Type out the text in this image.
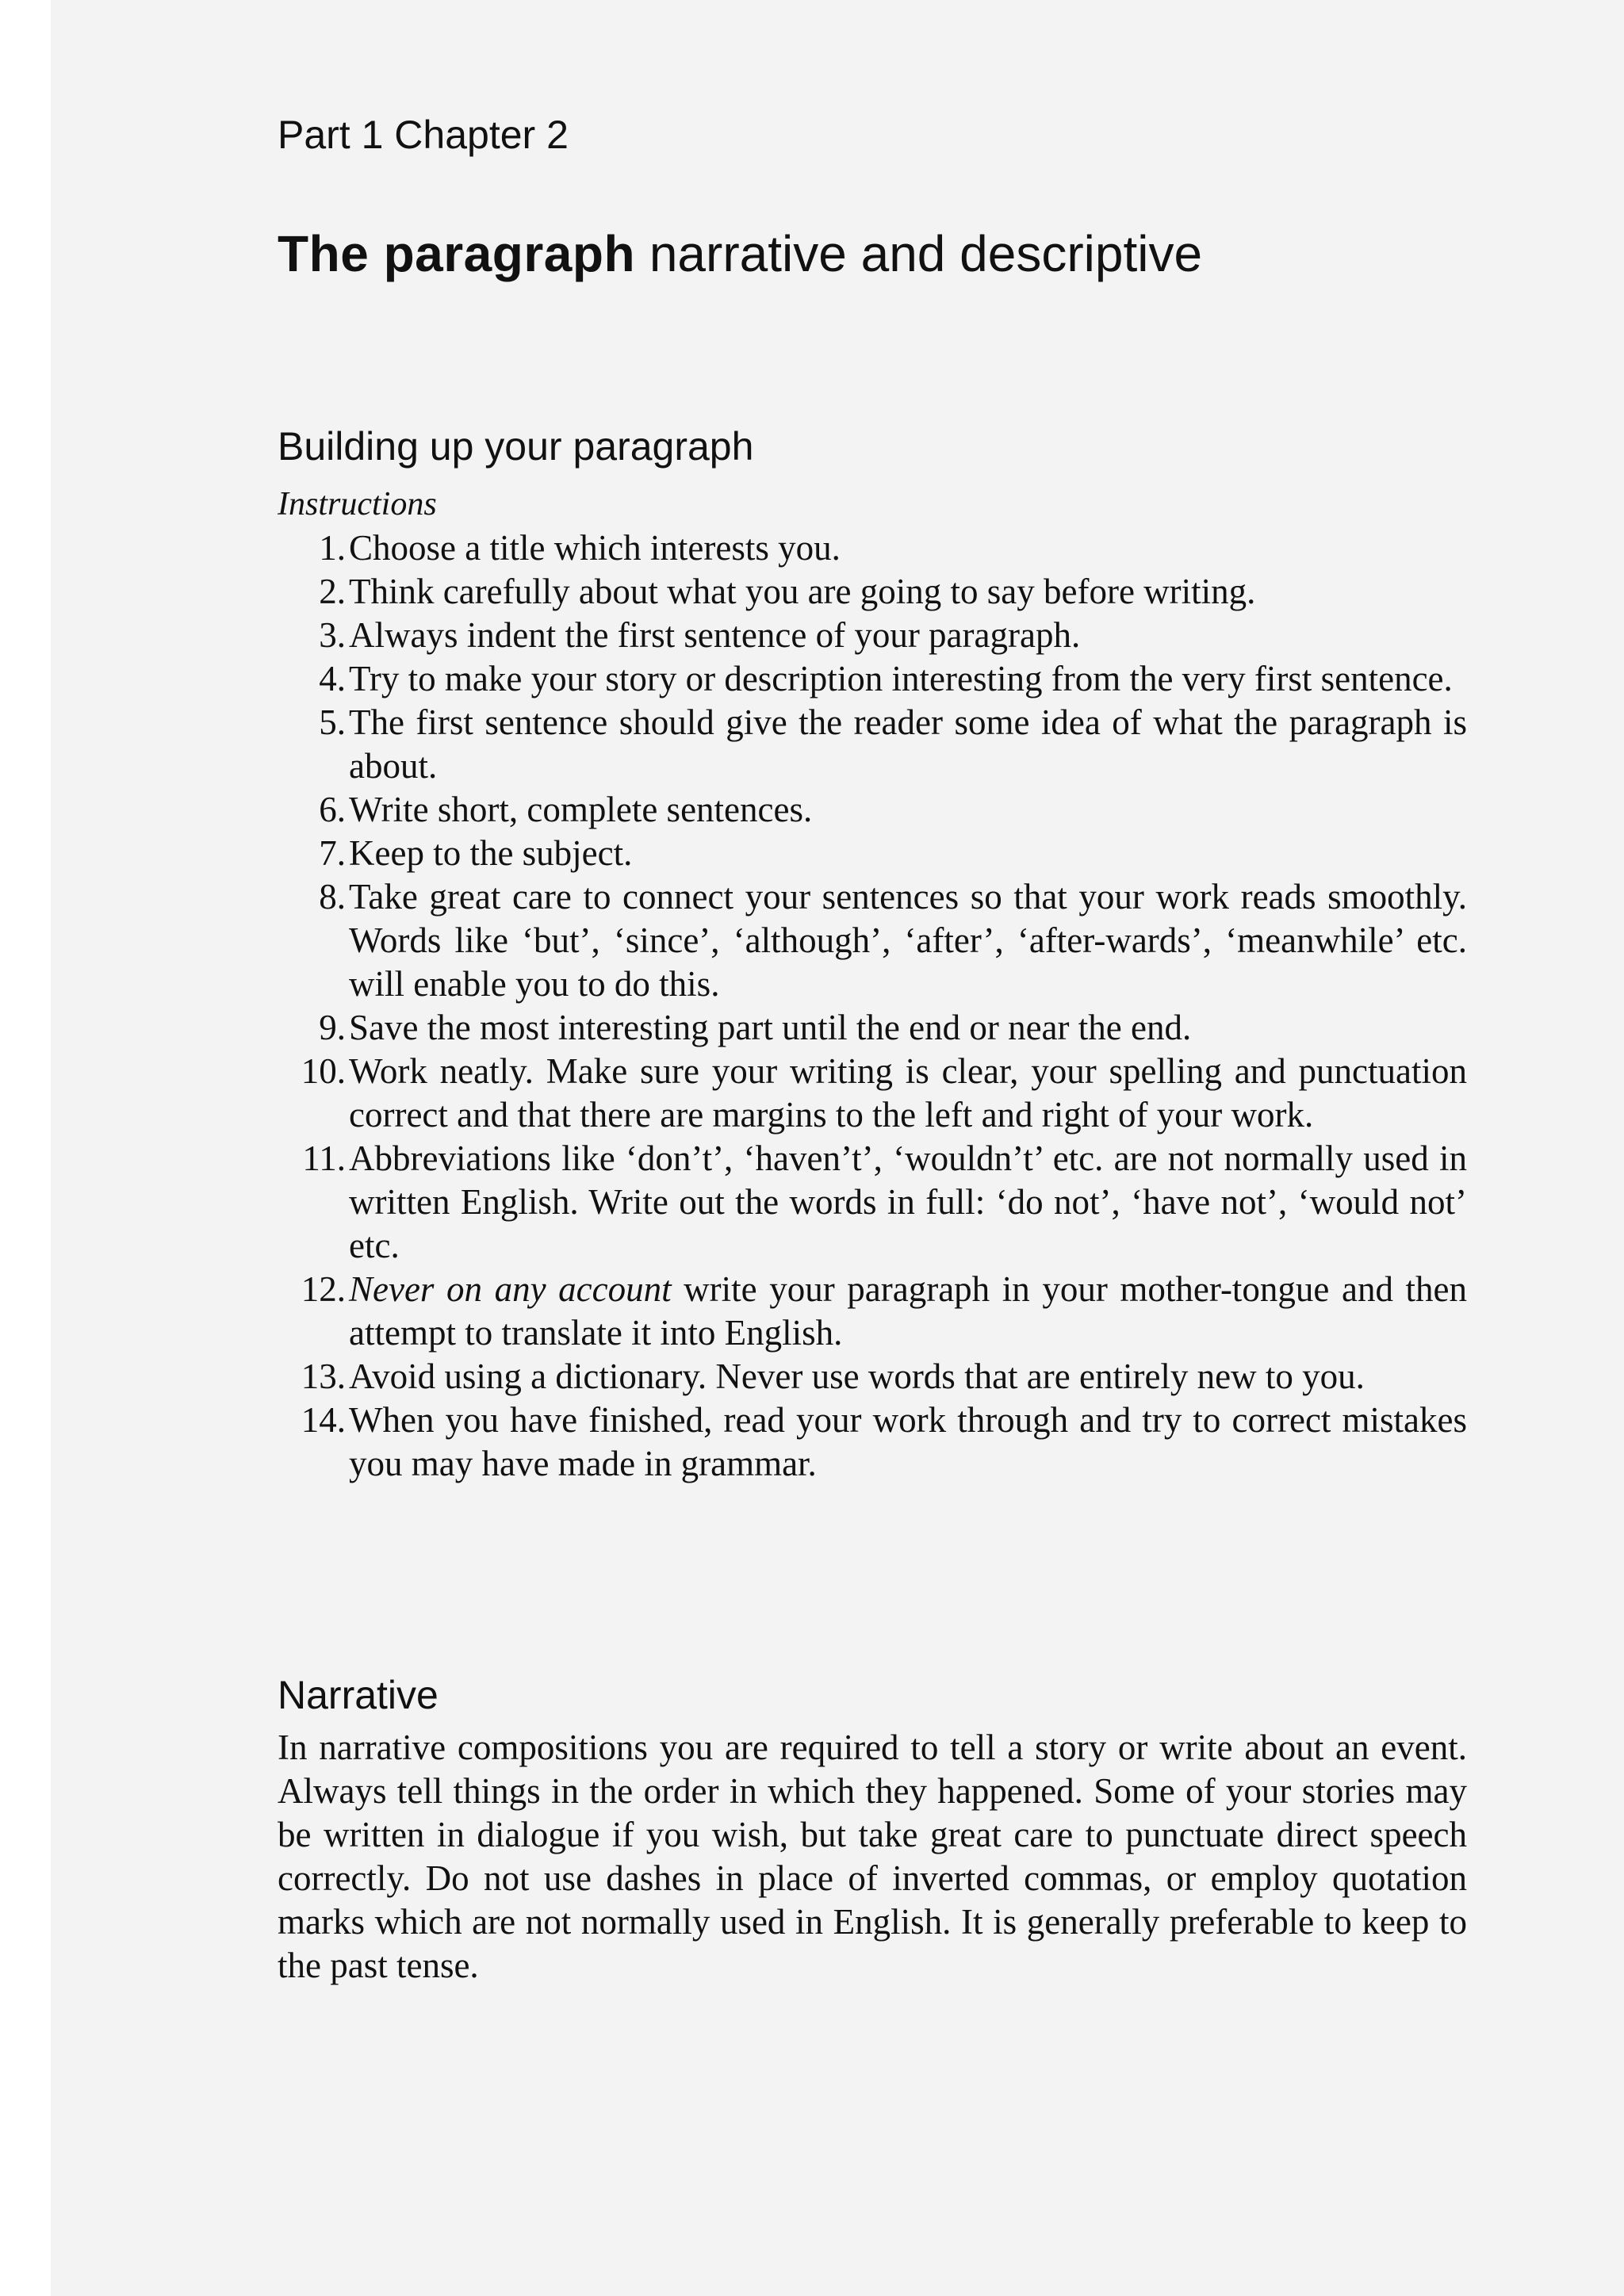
Part 1 Chapter 2
The paragraph narrative and descriptive
Building up your paragraph
Instructions
1. Choose a title which interests you.
2. Think carefully about what you are going to say before writing.
3. Always indent the first sentence of your paragraph.
4. Try to make your story or description interesting from the very first sentence.
5. The first sentence should give the reader some idea of what the paragraph is about.
6. Write short, complete sentences.
7. Keep to the subject.
8. Take great care to connect your sentences so that your work reads smoothly. Words like ‘but’, ‘since’, ‘although’, ‘after’, ‘after-wards’, ‘meanwhile’ etc. will enable you to do this.
9. Save the most interesting part until the end or near the end.
10. Work neatly. Make sure your writing is clear, your spelling and punctuation correct and that there are margins to the left and right of your work.
11. Abbreviations like ‘don’t’, ‘haven’t’, ‘wouldn’t’ etc. are not normally used in written English. Write out the words in full: ‘do not’, ‘have not’, ‘would not’ etc.
12. Never on any account write your paragraph in your mother-tongue and then attempt to translate it into English.
13. Avoid using a dictionary. Never use words that are entirely new to you.
14. When you have finished, read your work through and try to correct mistakes you may have made in grammar.
Narrative

In narrative compositions you are required to tell a story or write about an event. Always tell things in the order in which they happened. Some of your stories may be written in dialogue if you wish, but take great care to punctuate direct speech correctly. Do not use dashes in place of inverted commas, or employ quotation marks which are not normally used in English. It is generally preferable to keep to the past tense.
